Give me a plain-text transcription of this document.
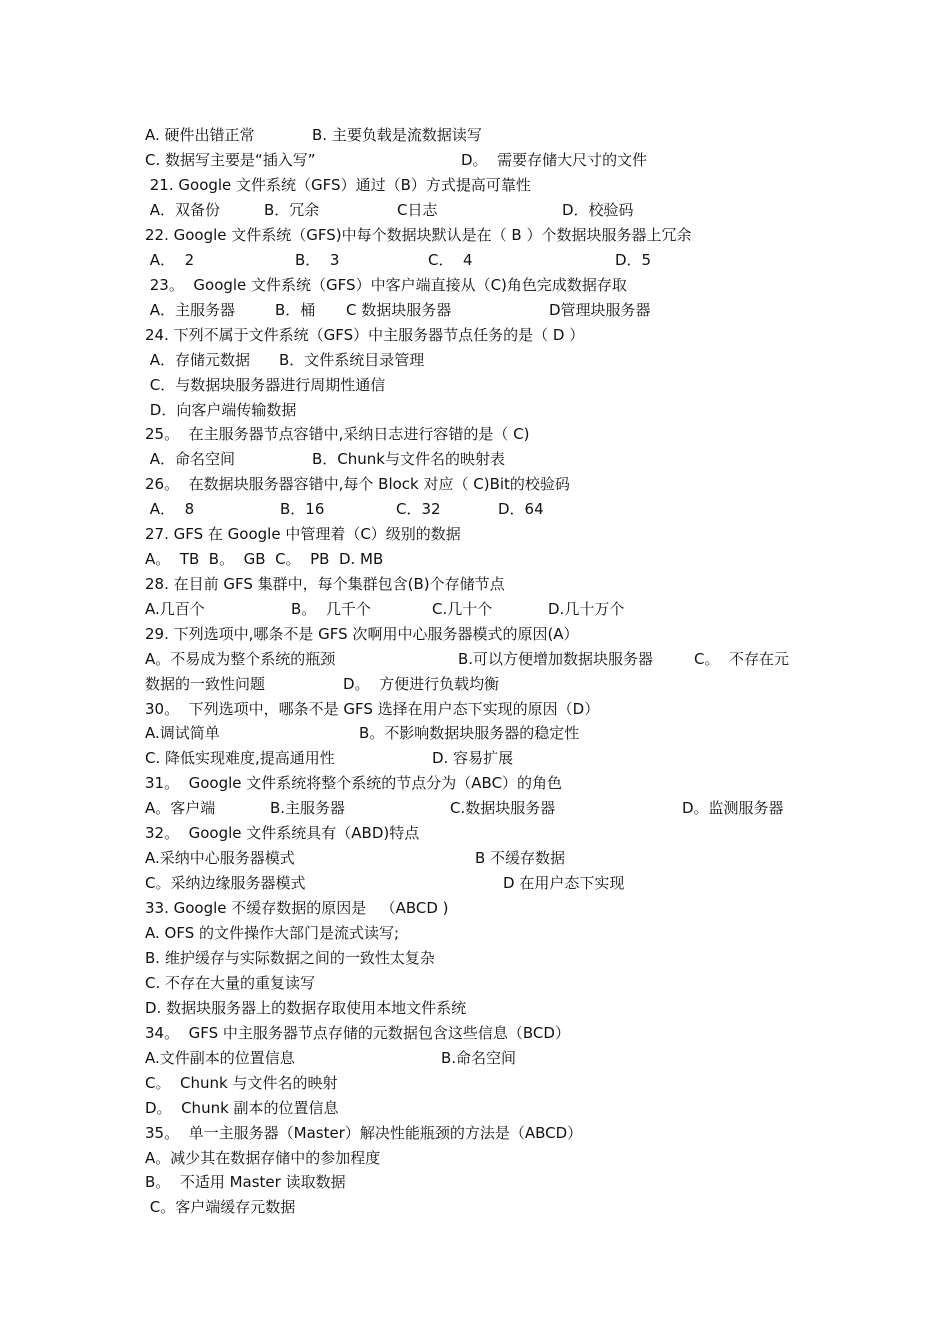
A. 硬件出错正常	B. 主要负载是流数据读写
C. 数据写主要是“插入写”	D。  需要存储大尺寸的文件
21. Google 文件系统（GFS）通过（B）方式提高可靠性
A．双备份	B．冗余	C日志	D．校验码
22. Google 文件系统（GFS)中每个数据块默认是在（ B ）个数据块服务器上冗余
A．  2	B．  3	C．  4	D．5
23。  Google 文件系统（GFS）中客户端直接从（C)角色完成数据存取
A．主服务器	B．桶 C 数据块服务器	D管理块服务器
24. 下列不属于文件系统（GFS）中主服务器节点任务的是（ D ）
A．存储元数据 B．文件系统目录管理
C．与数据块服务器进行周期性通信
D．向客户端传输数据
25。  在主服务器节点容错中,采纳日志进行容错的是（ C)
A．命名空间	B．Chunk与文件名的映射表
26。  在数据块服务器容错中,每个 Block 对应（ C)Bit的校验码
A．  8	B．16	C．32	D．64
27. GFS 在 Google 中管理着（C）级别的数据
A。  TB  B。  GB  C。  PB  D. MB
28. 在目前 GFS 集群中，每个集群包含(B)个存储节点
A.几百个	B。  几千个	C.几十个	D.几十万个
29. 下列选项中,哪条不是 GFS 次啊用中心服务器模式的原因(A）
A。不易成为整个系统的瓶颈	B.可以方便增加数据块服务器	C。  不存在元
数据的一致性问题	D。  方便进行负载均衡
30。  下列选项中，哪条不是 GFS 选择在用户态下实现的原因（D）
A.调试简单	B。不影响数据块服务器的稳定性
C. 降低实现难度,提高通用性	D. 容易扩展
31。  Google 文件系统将整个系统的节点分为（ABC）的角色
A。客户端	B.主服务器	C.数据块服务器	D。监测服务器
32。  Google 文件系统具有（ABD)特点
A.采纳中心服务器模式	B 不缓存数据
C。采纳边缘服务器模式	D 在用户态下实现
33. Google 不缓存数据的原因是   （ABCD )
A. OFS 的文件操作大部门是流式读写;
B. 维护缓存与实际数据之间的一致性太复杂
C. 不存在大量的重复读写
D. 数据块服务器上的数据存取使用本地文件系统
34。  GFS 中主服务器节点存储的元数据包含这些信息（BCD）
A.文件副本的位置信息	B.命名空间
C。  Chunk 与文件名的映射
D。  Chunk 副本的位置信息
35。  单一主服务器（Master）解决性能瓶颈的方法是（ABCD）
A。减少其在数据存储中的参加程度
B。  不适用 Master 读取数据
C。客户端缓存元数据
